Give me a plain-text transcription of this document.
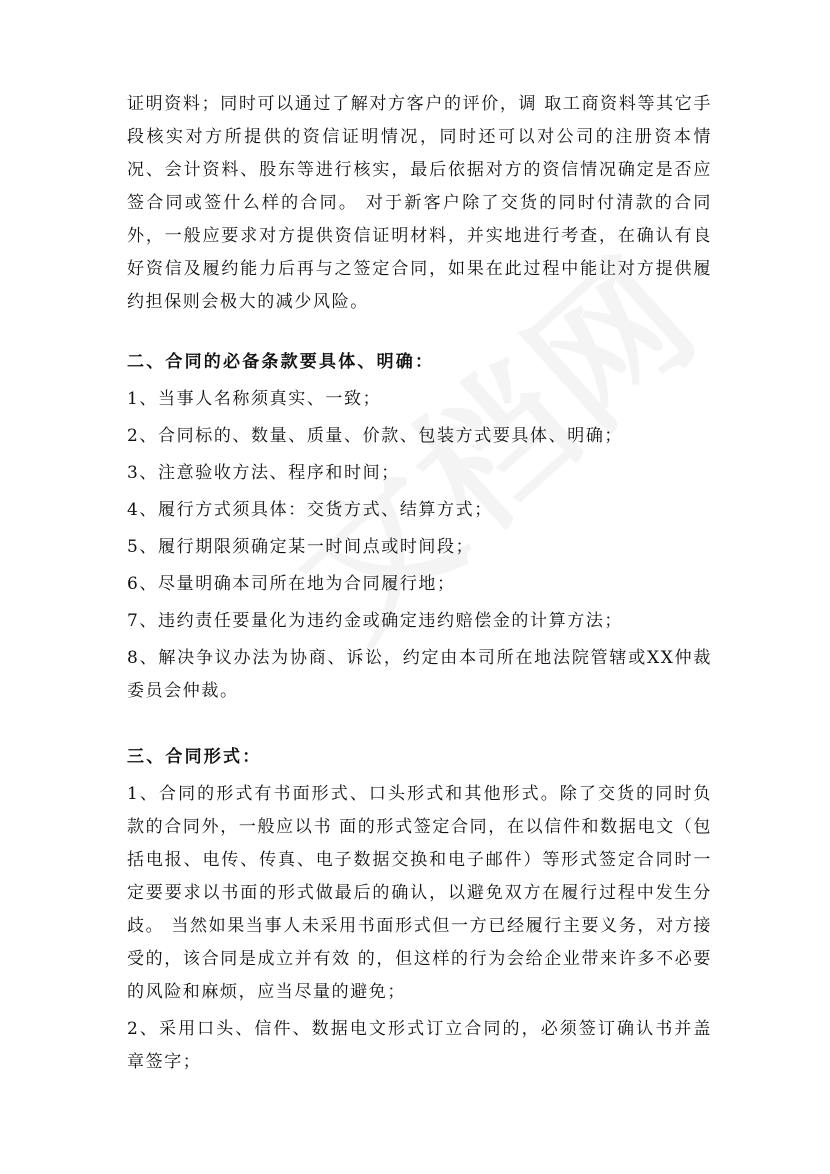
证明资料；同时可以通过了解对方客户的评价，调 取工商资料等其它手段核实对方所提供的资信证明情况，同时还可以对公司的注册资本情况、会计资料、股东等进行核实，最后依据对方的资信情况确定是否应签合同或签什么样的合同。 对于新客户除了交货的同时付清款的合同外，一般应要求对方提供资信证明材料，并实地进行考查，在确认有良好资信及履约能力后再与之签定合同，如果在此过程中能让对方提供履约担保则会极大的减少风险。

二、合同的必备条款要具体、明确：

1、当事人名称须真实、一致；

2、合同标的、数量、质量、价款、包装方式要具体、明确；

3、注意验收方法、程序和时间；

4、履行方式须具体：交货方式、结算方式；

5、履行期限须确定某一时间点或时间段；

6、尽量明确本司所在地为合同履行地；

7、违约责任要量化为违约金或确定违约赔偿金的计算方法；

8、解决争议办法为协商、诉讼，约定由本司所在地法院管辖或XX仲裁委员会仲裁。

三、合同形式：

1、合同的形式有书面形式、口头形式和其他形式。除了交货的同时负款的合同外，一般应以书 面的形式签定合同，在以信件和数据电文（包括电报、电传、传真、电子数据交换和电子邮件）等形式签定合同时一定要要求以书面的形式做最后的确认，以避免双方在履行过程中发生分歧。 当然如果当事人未采用书面形式但一方已经履行主要义务，对方接受的，该合同是成立并有效 的，但这样的行为会给企业带来许多不必要的风险和麻烦，应当尽量的避免；

2、采用口头、信件、数据电文形式订立合同的，必须签订确认书并盖章签字；
